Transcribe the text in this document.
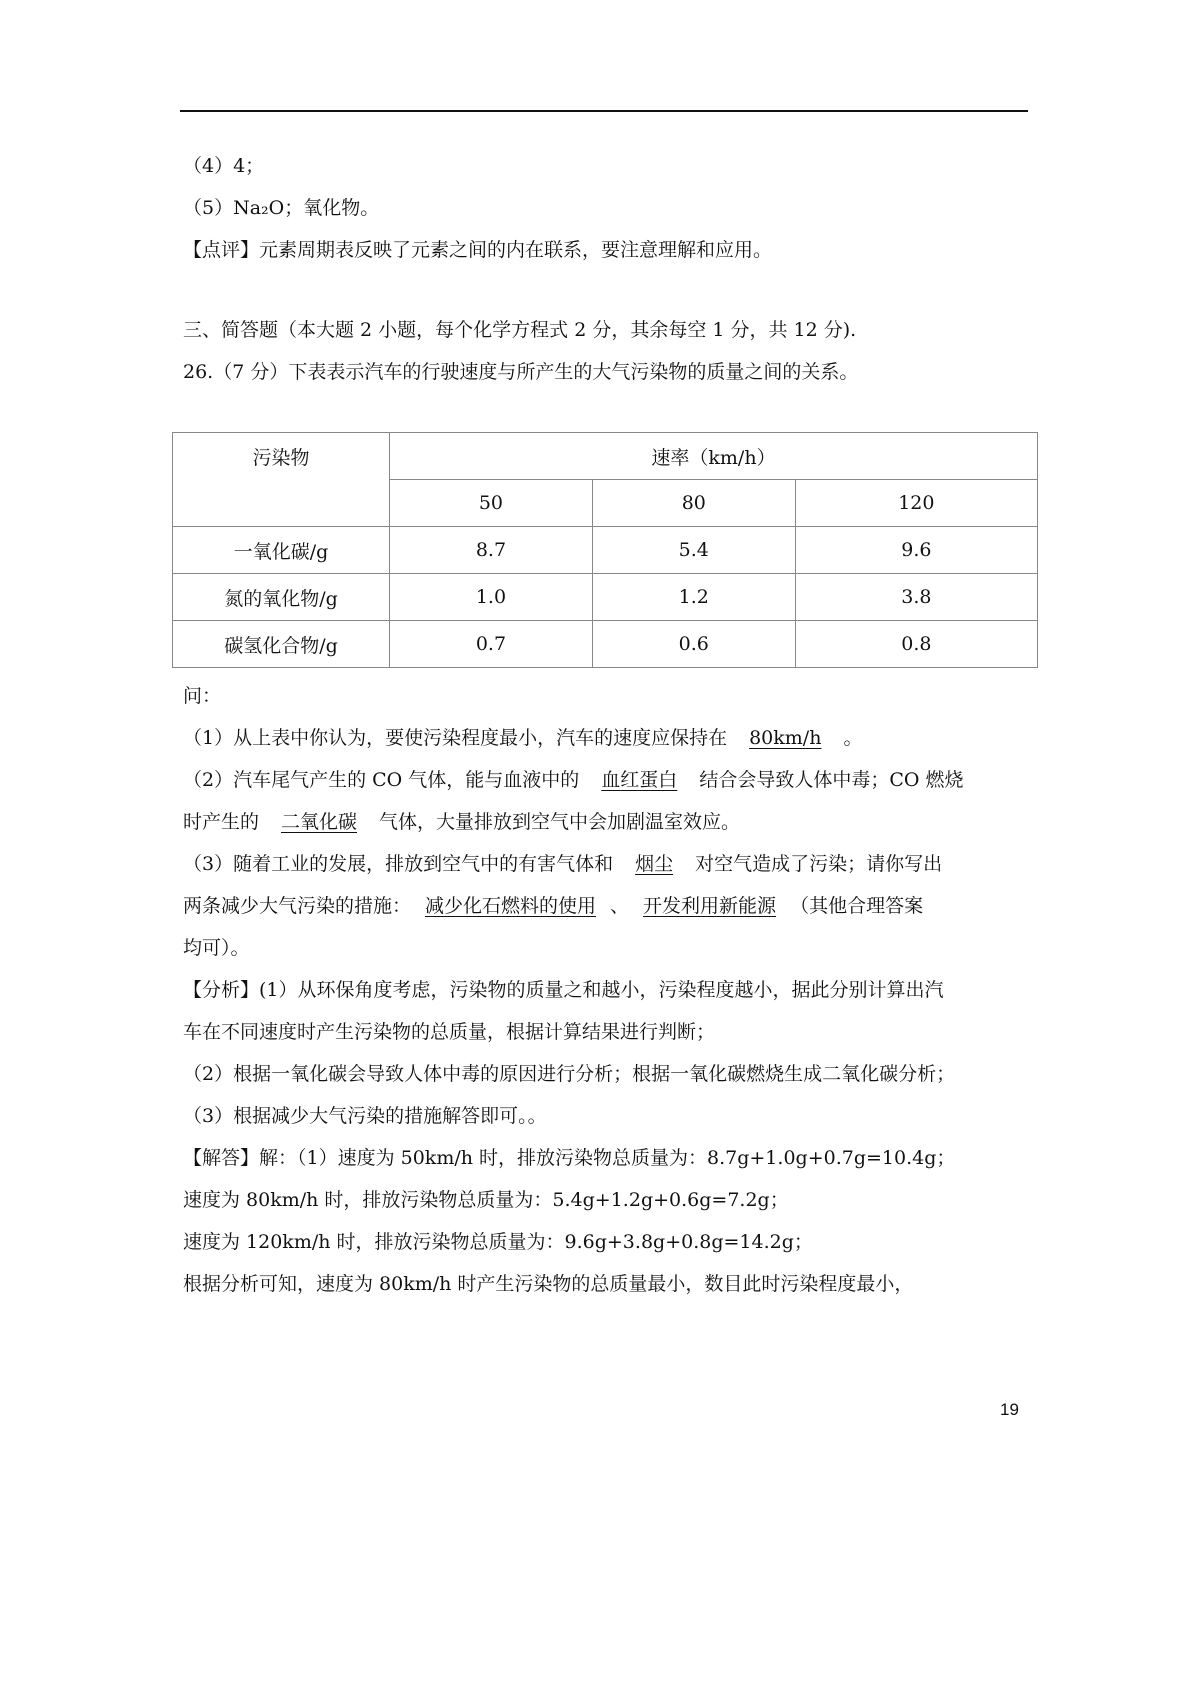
（4）4；

（5）Na₂O；氧化物。

【点评】元素周期表反映了元素之间的内在联系，要注意理解和应用。

三、简答题（本大题 2 小题，每个化学方程式 2 分，其余每空 1 分，共 12 分).

26.（7 分）下表表示汽车的行驶速度与所产生的大气污染物的质量之间的关系。

污染物	速率（km/h）		
	50	80	120
一氧化碳/g	8.7	5.4	9.6
氮的氧化物/g	1.0	1.2	3.8
碳氢化合物/g	0.7	0.6	0.8

问：

（1）从上表中你认为，要使污染程度最小，汽车的速度应保持在 80km/h 。

（2）汽车尾气产生的 CO 气体，能与血液中的 血红蛋白 结合会导致人体中毒；CO 燃烧

时产生的 二氧化碳 气体，大量排放到空气中会加剧温室效应。

（3）随着工业的发展，排放到空气中的有害气体和 烟尘 对空气造成了污染；请你写出

两条减少大气污染的措施： 减少化石燃料的使用 、 开发利用新能源 （其他合理答案

均可）。

【分析】(1）从环保角度考虑，污染物的质量之和越小，污染程度越小，据此分别计算出汽

车在不同速度时产生污染物的总质量，根据计算结果进行判断；

（2）根据一氧化碳会导致人体中毒的原因进行分析；根据一氧化碳燃烧生成二氧化碳分析；

（3）根据减少大气污染的措施解答即可。。

【解答】解：（1）速度为 50km/h 时，排放污染物总质量为：8.7g+1.0g+0.7g=10.4g；

速度为 80km/h 时，排放污染物总质量为：5.4g+1.2g+0.6g=7.2g；

速度为 120km/h 时，排放污染物总质量为：9.6g+3.8g+0.8g=14.2g；

根据分析可知，速度为 80km/h 时产生污染物的总质量最小，数目此时污染程度最小，

19
